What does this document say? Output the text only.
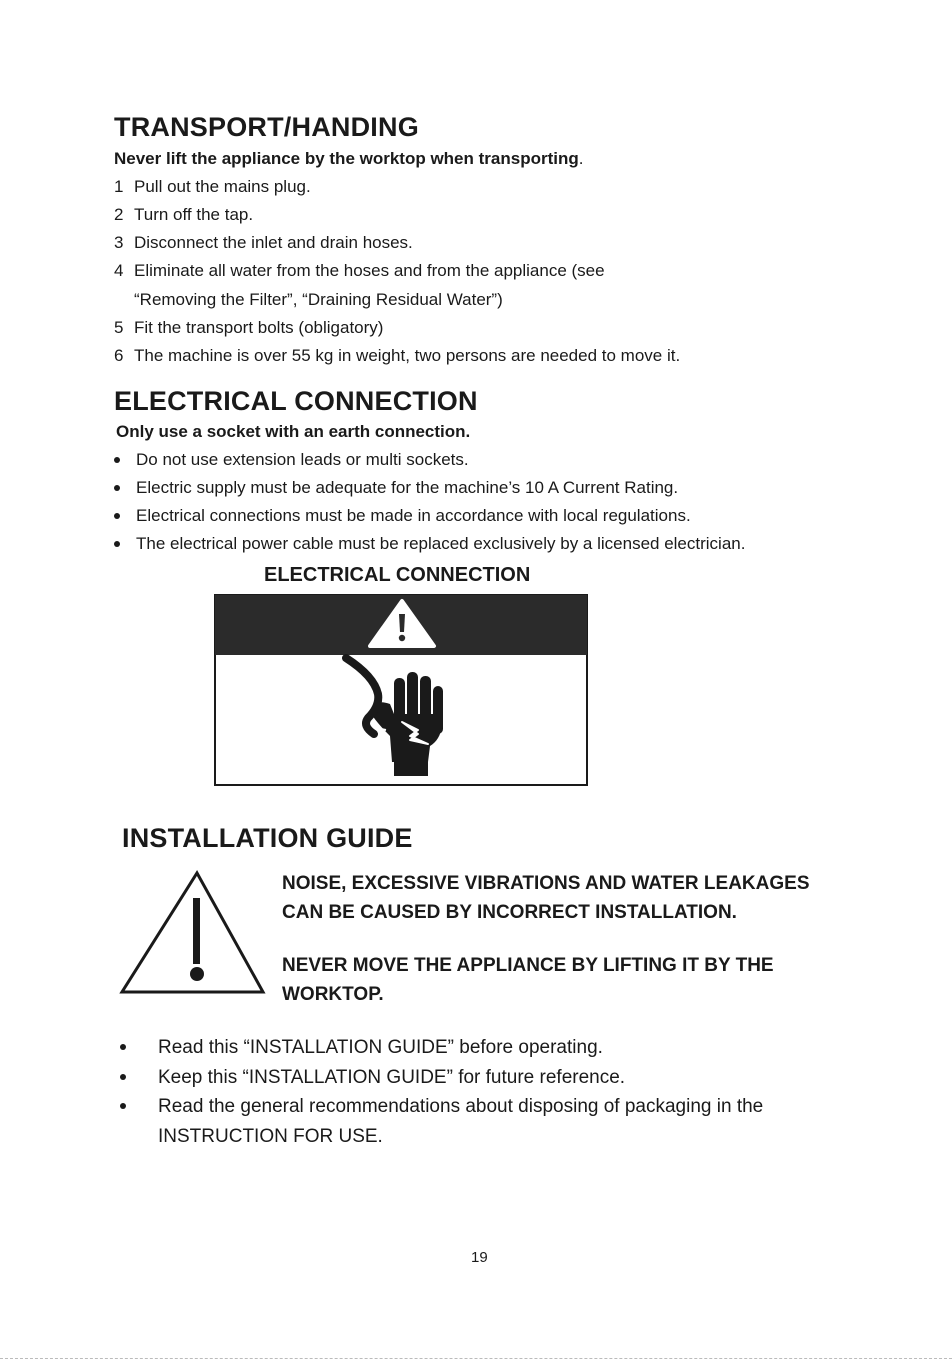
TRANSPORT/HANDING
Never lift the appliance by the worktop when transporting.
1 Pull out the mains plug.
2 Turn off the tap.
3 Disconnect the inlet and drain hoses.
4 Eliminate all water from the hoses and from the appliance (see
“Removing the Filter”, “Draining Residual Water”)
5 Fit the transport bolts (obligatory)
6 The machine is over 55 kg in weight, two persons are needed to move it.
ELECTRICAL CONNECTION
Only use a socket with an earth connection.
Do not use extension leads or multi sockets.
Electric supply must be adequate for the machine’s 10 A Current Rating.
Electrical connections must be made in accordance with local regulations.
The electrical power cable must be replaced exclusively by a licensed electrician.
ELECTRICAL CONNECTION
INSTALLATION GUIDE
NOISE, EXCESSIVE VIBRATIONS AND WATER LEAKAGES
CAN BE CAUSED BY INCORRECT INSTALLATION.
NEVER MOVE THE APPLIANCE BY LIFTING IT BY THE
WORKTOP.
Read this “INSTALLATION GUIDE” before operating.
Keep this “INSTALLATION GUIDE” for future reference.
Read the general recommendations about disposing of packaging in the
INSTRUCTION FOR USE.
19
